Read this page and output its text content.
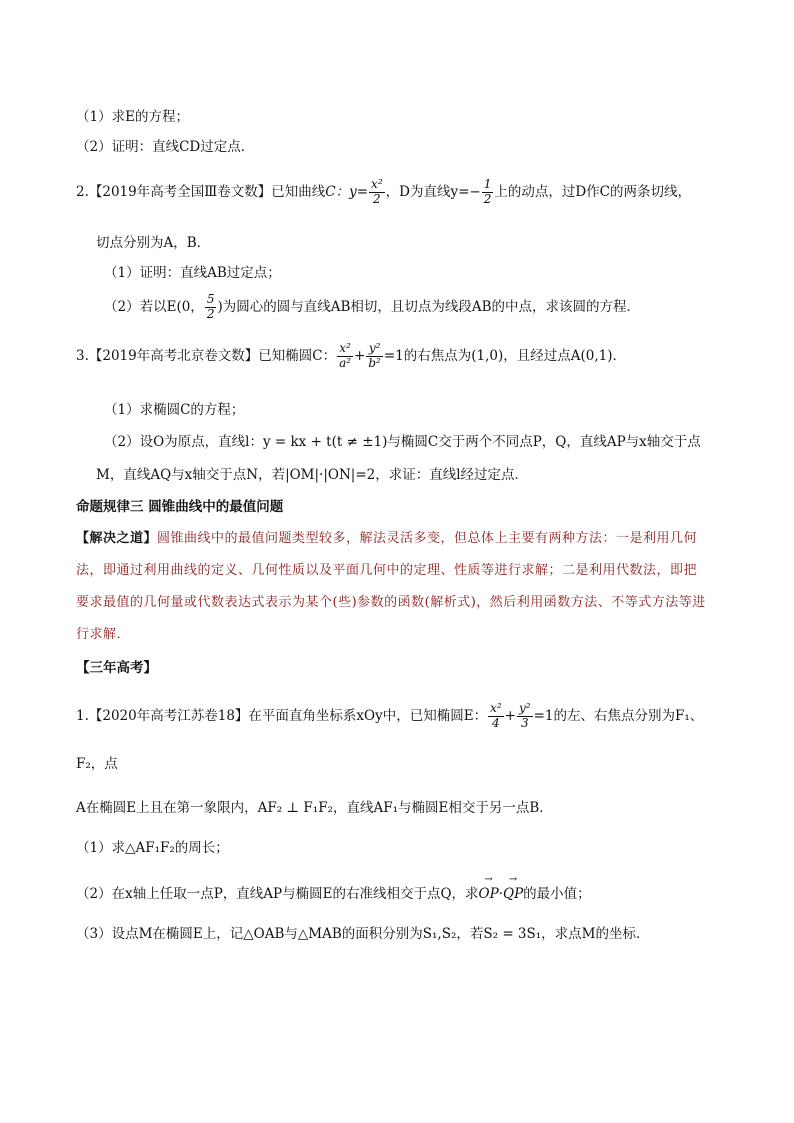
（1）求E的方程；
（2）证明：直线CD过定点．
2.【2019年高考全国Ⅲ卷文数】已知曲线C：$y= \frac{\text{x²}}{2}$ ，D为直线$y=- \frac{1}{2}$ 上的动点，过D作C的两条切线，
切点分别为A，B．
（1）证明：直线AB过定点；
（2）若以E(0， $\frac{5}{2}$ )为圆心的圆与直线AB相切，且切点为线段AB的中点，求该圆的方程．
3.【2019年高考北京卷文数】已知椭圆C： $\frac{\text{x²}}{\text{a²}} + \frac{\text{y²}}{\text{b²}} =1$的右焦点为(1,0)，且经过点A(0,1)．
（1）求椭圆C的方程；
（2）设O为原点，直线l：y = kx + t(t ≠ ±1)与椭圆C交于两个不同点P，Q，直线AP与x轴交于点
M，直线AQ与x轴交于点N，若|OM|·|ON|=2，求证：直线l经过定点．
命题规律三 圆锥曲线中的最值问题
【解决之道】圆锥曲线中的最值问题类型较多，解法灵活多变，但总体上主要有两种方法：一是利用几何
法，即通过利用曲线的定义、几何性质以及平面几何中的定理、性质等进行求解；二是利用代数法，即把
要求最值的几何量或代数表达式表示为某个(些)参数的函数(解析式)，然后利用函数方法、不等式方法等进
行求解．
【三年高考】
1.【2020年高考江苏卷18】在平面直角坐标系xOy中，已知椭圆E： $\frac{\text{x²}}{4} + \frac{\text{y²}}{3} =1$的左、右焦点分别为F₁、
F₂，点
A在椭圆E上且在第一象限内，AF₂ ⊥ F₁F₂，直线AF₁与椭圆E相交于另一点B．
（1）求△AF₁F₂的周长；
（2）在x轴上任取一点P，直线AP与椭圆E的右准线相交于点Q，求→ OP·→ QP的最小值；
（3）设点M在椭圆E上，记△OAB与△MAB的面积分别为S₁,S₂，若S₂ = 3S₁，求点M的坐标．
